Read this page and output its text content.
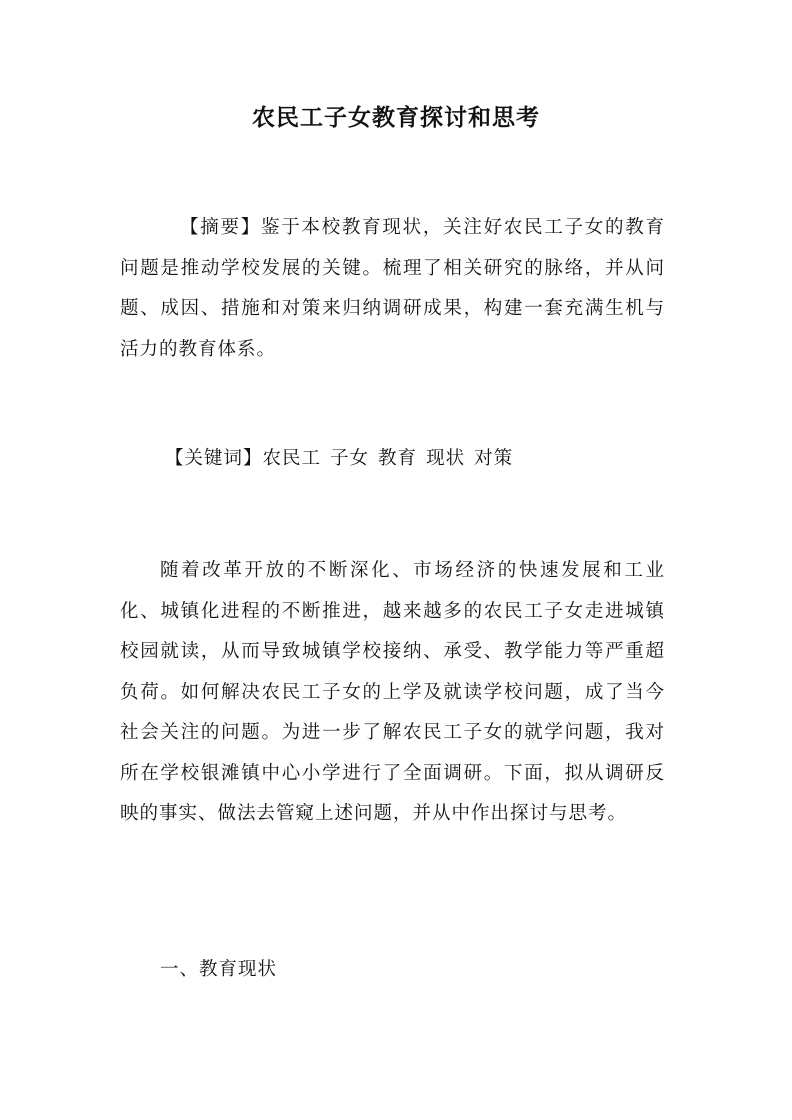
农民工子女教育探讨和思考
【摘要】鉴于本校教育现状，关注好农民工子女的教育问题是推动学校发展的关键。梳理了相关研究的脉络，并从问题、成因、措施和对策来归纳调研成果，构建一套充满生机与活力的教育体系。
【关键词】农民工 子女 教育 现状 对策
随着改革开放的不断深化、市场经济的快速发展和工业化、城镇化进程的不断推进，越来越多的农民工子女走进城镇校园就读，从而导致城镇学校接纳、承受、教学能力等严重超负荷。如何解决农民工子女的上学及就读学校问题，成了当今社会关注的问题。为进一步了解农民工子女的就学问题，我对所在学校银滩镇中心小学进行了全面调研。下面，拟从调研反映的事实、做法去管窥上述问题，并从中作出探讨与思考。
一、教育现状
